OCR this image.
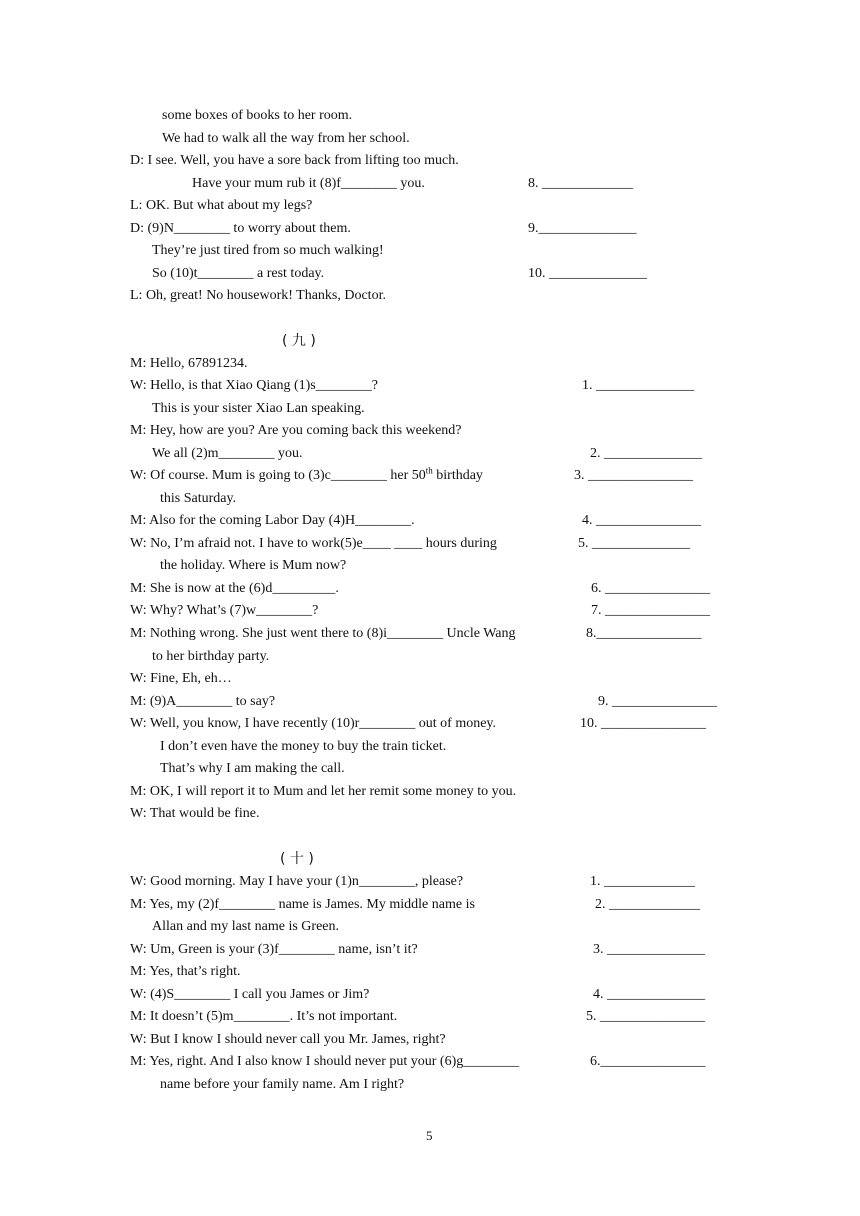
some boxes of books to her room.
We had to walk all the way from her school.
D: I see. Well, you have a sore back from lifting too much.
Have your mum rub it (8)f________ you.	8. _____________
L: OK. But what about my legs?
D: (9)N________ to worry about them.	9.______________
They’re just tired from so much walking!
So (10)t________ a rest today.	10. ______________
L: Oh, great! No housework! Thanks, Doctor.
( 九 )
M: Hello, 67891234.
W: Hello, is that Xiao Qiang (1)s________?	1. ______________
This is your sister Xiao Lan speaking.
M: Hey, how are you? Are you coming back this weekend?
We all (2)m________ you.	2. ______________
W: Of course. Mum is going to (3)c________ her 50th birthday	3. _______________
this Saturday.
M: Also for the coming Labor Day (4)H________.	4. _______________
W: No, I’m afraid not. I have to work(5)e____ ____ hours during	5. ______________
the holiday. Where is Mum now?
M: She is now at the (6)d_________.	6. _______________
W: Why? What’s (7)w________?	7. _______________
M: Nothing wrong. She just went there to (8)i________ Uncle Wang	8._______________
to her birthday party.
W: Fine, Eh, eh…
M: (9)A________ to say?	9. _______________
W: Well, you know, I have recently (10)r________ out of money.	10. _______________
I don’t even have the money to buy the train ticket.
That’s why I am making the call.
M: OK, I will report it to Mum and let her remit some money to you.
W: That would be fine.
( 十 )
W: Good morning. May I have your (1)n________, please?	1. _____________
M: Yes, my (2)f________ name is James. My middle name is	2. _____________
Allan and my last name is Green.
W: Um, Green is your (3)f________ name, isn’t it?	3. ______________
M: Yes, that’s right.
W: (4)S________ I call you James or Jim?	4. ______________
M: It doesn’t (5)m________. It’s not important.	5. _______________
W: But I know I should never call you Mr. James, right?
M: Yes, right. And I also know I should never put your (6)g________	6._______________
name before your family name. Am I right?
5
